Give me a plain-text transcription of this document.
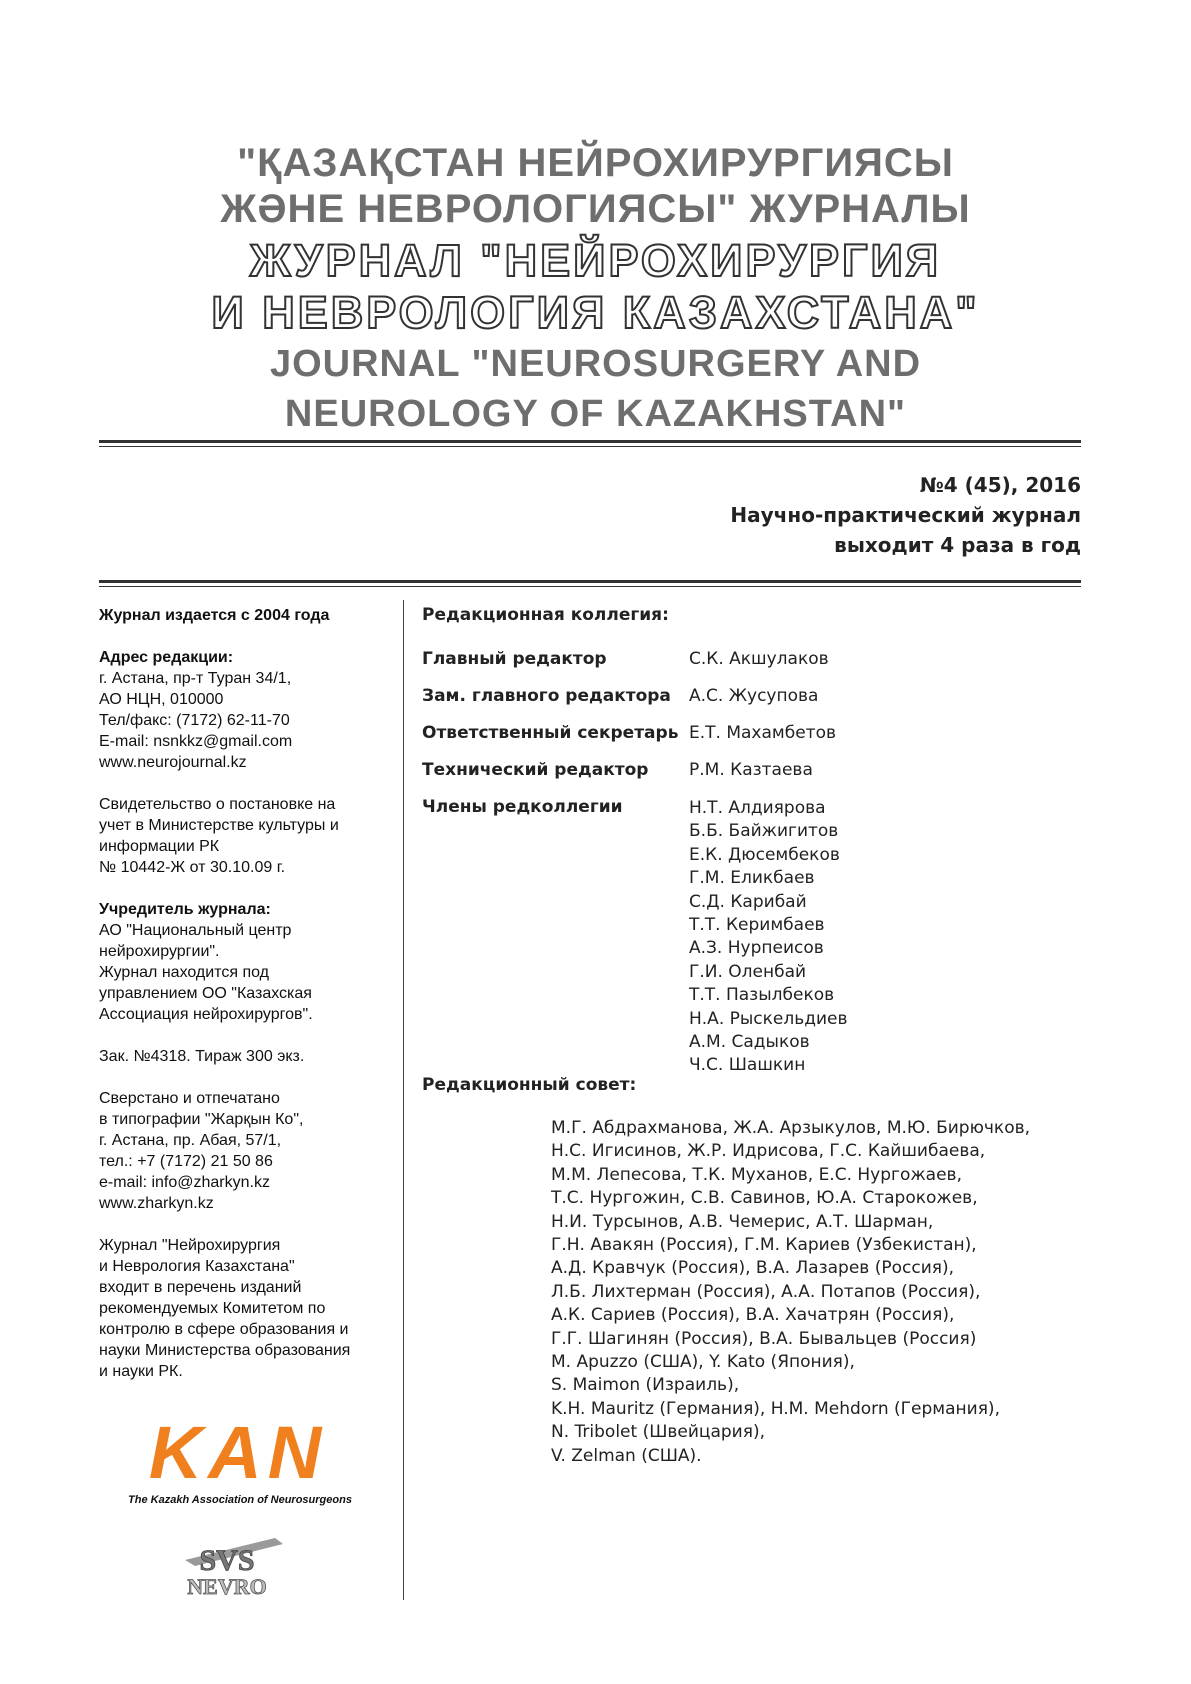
"ҚАЗАҚСТАН НЕЙРОХИРУРГИЯСЫ
ЖӘНЕ НЕВРОЛОГИЯСЫ" ЖУРНАЛЫ
ЖУРНАЛ "НЕЙРОХИРУРГИЯ
И НЕВРОЛОГИЯ КАЗАХСТАНА"
JOURNAL "NEUROSURGERY AND
NEUROLOGY OF KAZAKHSTAN"
№4 (45), 2016
Научно-практический журнал
выходит 4 раза в год

Журнал издается с 2004 года

Адрес редакции:
г. Астана, пр-т Туран 34/1,
АО НЦН, 010000
Тел/факс: (7172) 62-11-70
E-mail: nsnkkz@gmail.com
www.neurojournal.kz

Свидетельство о постановке на
учет в Министерстве культуры и
информации РК
№ 10442-Ж от 30.10.09 г.

Учредитель журнала:
АО "Национальный центр
нейрохирургии".
Журнал находится под
управлением ОО "Казахская
Ассоциация нейрохирургов".

Зак. №4318. Тираж 300 экз.

Сверстано и отпечатано
в типографии "Жарқын Ко",
г. Астана, пр. Абая, 57/1,
тел.: +7 (7172) 21 50 86
e-mail: info@zharkyn.kz
www.zharkyn.kz

Журнал "Нейрохирургия
и Неврология Казахстана"
входит в перечень изданий
рекомендуемых Комитетом по
контролю в сфере образования и
науки Министерства образования
и науки РК.

Редакционная коллегия:
Главный редактор	С.К. Акшулаков
Зам. главного редактора А.С. Жусупова
Ответственный секретарь Е.Т. Махамбетов
Технический редактор Р.М. Казтаева
Члены редколлегии	Н.Т. Алдиярова
Б.Б. Байжигитов
Е.К. Дюсембеков
Г.М. Еликбаев
С.Д. Карибай
Т.Т. Керимбаев
А.З. Нурпеисов
Г.И. Оленбай
Т.Т. Пазылбеков
Н.А. Рыскельдиев
А.М. Садыков
Ч.С. Шашкин
Редакционный совет:
М.Г. Абдрахманова, Ж.А. Арзыкулов, М.Ю. Бирючков,
Н.С. Игисинов, Ж.Р. Идрисова, Г.С. Кайшибаева,
М.М. Лепесова, Т.К. Муханов, Е.С. Нургожаев,
Т.С. Нургожин, С.В. Савинов, Ю.А. Старокожев,
Н.И. Турсынов, А.В. Чемерис, А.Т. Шарман,
Г.Н. Авакян (Россия), Г.М. Кариев (Узбекистан),
А.Д. Кравчук (Россия), В.А. Лазарев (Россия),
Л.Б. Лихтерман (Россия), А.А. Потапов (Россия),
А.К. Сариев (Россия), В.А. Хачатрян (Россия),
Г.Г. Шагинян (Россия), В.А. Бывальцев (Россия)
M. Apuzzo (США), Y. Kato (Япония),
S. Maimon (Израиль),
K.H. Mauritz (Германия), H.M. Mehdorn (Германия),
N. Tribolet (Швейцария),
V. Zelman (США).
KAN
The Kazakh Association of Neurosurgeons
SVS
NEVRO
